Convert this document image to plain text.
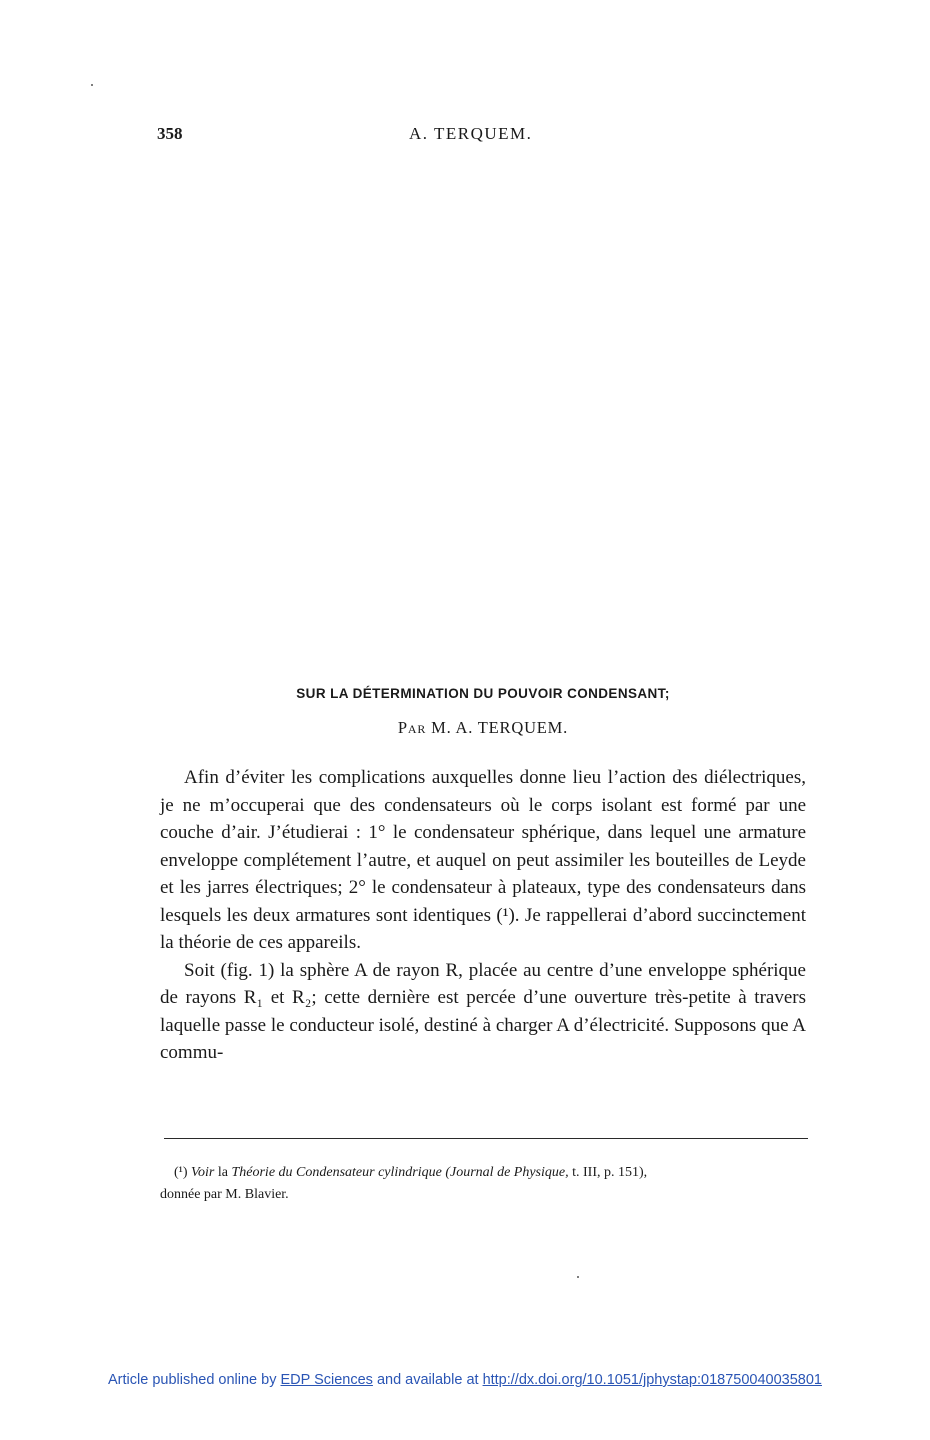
358	A. TERQUEM.
SUR LA DÉTERMINATION DU POUVOIR CONDENSANT;
Par M. A. TERQUEM.

Afin d’éviter les complications auxquelles donne lieu l’action des diélectriques, je ne m’occuperai que des condensateurs où le corps isolant est formé par une couche d’air. J’étudierai : 1° le condensateur sphérique, dans lequel une armature enveloppe complétement l’autre, et auquel on peut assimiler les bouteilles de Leyde et les jarres électriques; 2° le condensateur à plateaux, type des condensateurs dans lesquels les deux armatures sont identiques (¹). Je rappellerai d’abord succinctement la théorie de ces appareils.

Soit (fig. 1) la sphère A de rayon R, placée au centre d’une enveloppe sphérique de rayons R₁ et R₂; cette dernière est percée d’une ouverture très-petite à travers laquelle passe le conducteur isolé, destiné à charger A d’électricité. Supposons que A commu-

(¹) Voir la Théorie du Condensateur cylindrique (Journal de Physique, t. III, p. 151),
donnée par M. Blavier.
Article published online by EDP Sciences and available at http://dx.doi.org/10.1051/jphystap:018750040035801
